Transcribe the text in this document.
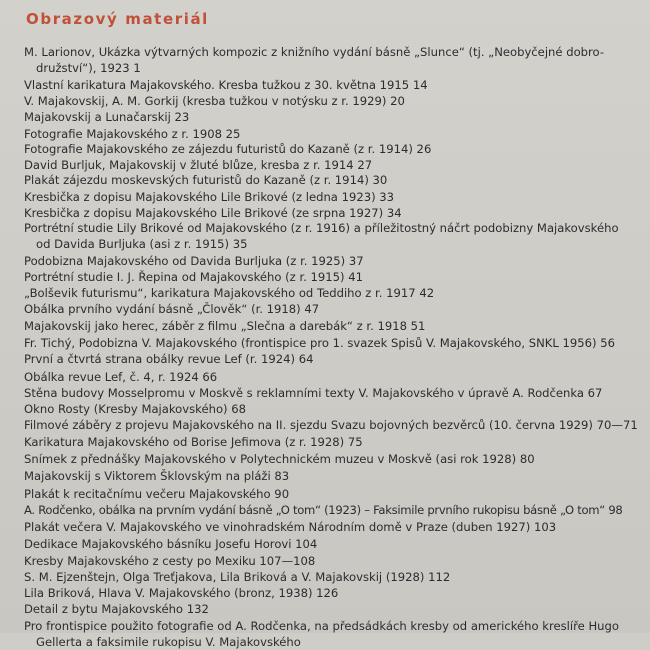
Obrazový materiál
M. Larionov, Ukázka výtvarných kompozic z knižního vydání básně „Slunce“ (tj. „Neobyčejné dobro-
družství“), 1923 1
Vlastní karikatura Majakovského. Kresba tužkou z 30. května 1915 14
V. Majakovskij, A. M. Gorkij (kresba tužkou v notýsku z r. 1929) 20
Majakovskij a Lunačarskij 23
Fotografie Majakovského z r. 1908 25
Fotografie Majakovského ze zájezdu futuristů do Kazaně (z r. 1914) 26
David Burljuk, Majakovskij v žluté blůze, kresba z r. 1914 27
Plakát zájezdu moskevských futuristů do Kazaně (z r. 1914) 30
Kresbička z dopisu Majakovského Lile Brikové (z ledna 1923) 33
Kresbička z dopisu Majakovského Lile Brikové (ze srpna 1927) 34
Portrétní studie Lily Brikové od Majakovského (z r. 1916) a příležitostný náčrt podobizny Majakovského
od Davida Burljuka (asi z r. 1915) 35
Podobizna Majakovského od Davida Burljuka (z r. 1925) 37
Portrétní studie I. J. Řepina od Majakovského (z r. 1915) 41
„Bolševik futurismu“, karikatura Majakovského od Teddiho z r. 1917 42
Obálka prvního vydání básně „Člověk“ (r. 1918) 47
Majakovskij jako herec, záběr z filmu „Slečna a darebák“ z r. 1918 51
Fr. Tichý, Podobizna V. Majakovského (frontispice pro 1. svazek Spisů V. Majakovského, SNKL 1956) 56
První a čtvrtá strana obálky revue Lef (r. 1924) 64
Obálka revue Lef, č. 4, r. 1924 66
Stěna budovy Mosselpromu v Moskvě s reklamními texty V. Majakovského v úpravě A. Rodčenka 67
Okno Rosty (Kresby Majakovského) 68
Filmové záběry z projevu Majakovského na II. sjezdu Svazu bojovných bezvěrců (10. června 1929) 70—71
Karikatura Majakovského od Borise Jefimova (z r. 1928) 75
Snímek z přednášky Majakovského v Polytechnickém muzeu v Moskvě (asi rok 1928) 80
Majakovskij s Viktorem Šklovským na pláži 83
Plakát k recitačnímu večeru Majakovského 90
A. Rodčenko, obálka na prvním vydání básně „O tom“ (1923) – Faksimile prvního rukopisu básně „O tom“ 98
Plakát večera V. Majakovského ve vinohradském Národním domě v Praze (duben 1927) 103
Dedikace Majakovského básníku Josefu Horovi 104
Kresby Majakovského z cesty po Mexiku 107—108
S. M. Ejzenštejn, Olga Treťjakova, Lila Briková a V. Majakovskij (1928) 112
Lila Briková, Hlava V. Majakovského (bronz, 1938) 126
Detail z bytu Majakovského 132
Pro frontispice použito fotografie od A. Rodčenka, na předsádkách kresby od amerického kreslíře Hugo
Gellerta a faksimile rukopisu V. Majakovského
